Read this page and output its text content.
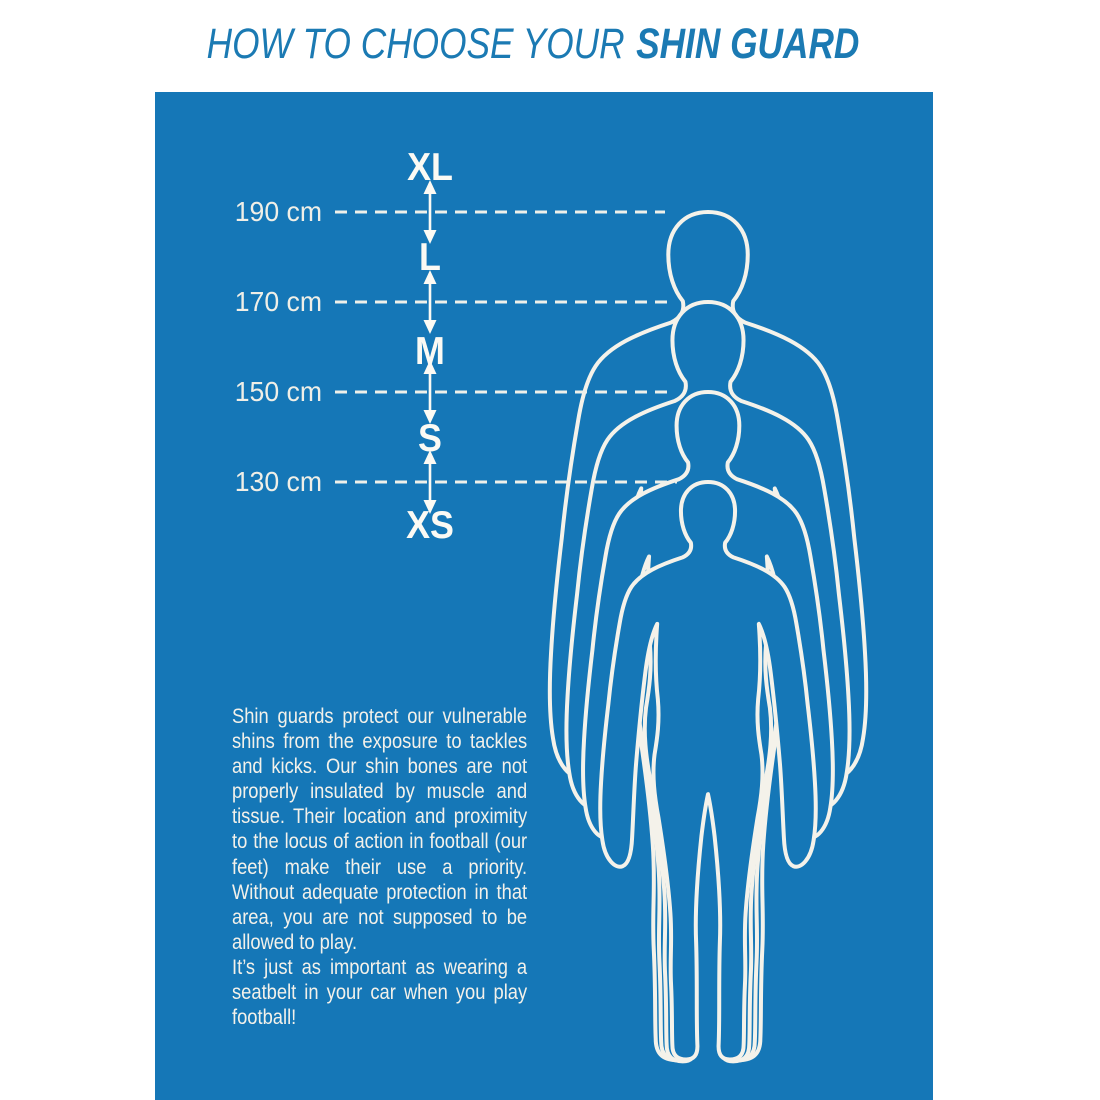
HOW TO CHOOSE YOUR SHIN GUARD
XL
L
M
S
XS
190 cm
170 cm
150 cm
130 cm

Shin guards protect our vulnerable shins from the exposure to tackles and kicks. Our shin bones are not properly insulated by muscle and tissue. Their location and proximity to the locus of action in football (our feet) make their use a priority. Without adequate protection in that area, you are not supposed to be allowed to play.

It’s just as important as wearing a seatbelt in your car when you play football!
